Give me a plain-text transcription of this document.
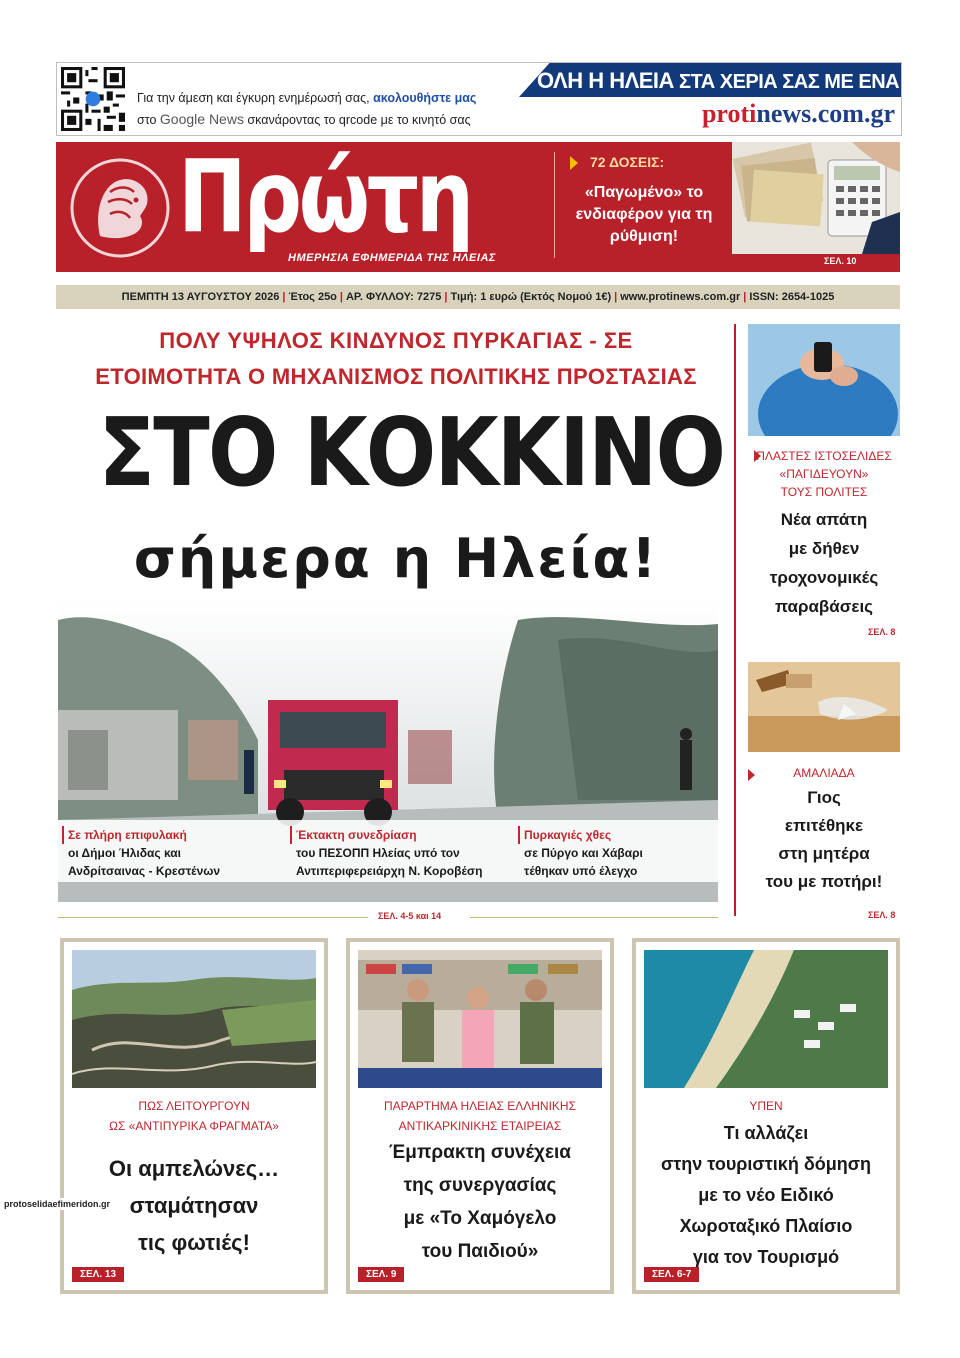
Για την άμεση και έγκυρη ενημέρωσή σας, ακολουθήστε μας
στο Google News σκανάροντας το qrcode με το κινητό σας
ΟΛΗ Η ΗΛΕΙΑ ΣΤΑ ΧΕΡΙΑ ΣΑΣ ΜΕ ΕΝΑ ΚΛΙΚ
protinews.com.gr
Πρώτη
ΗΜΕΡΗΣΙΑ ΕΦΗΜΕΡΙΔΑ ΤΗΣ ΗΛΕΙΑΣ
72 ΔΟΣΕΙΣ:
«Παγωμένο» το ενδιαφέρον για τη ρύθμιση!
ΣΕΛ. 10
ΠΕΜΠΤΗ 13 ΑΥΓΟΥΣΤΟΥ 2026 | Έτος 25ο | ΑΡ. ΦΥΛΛΟΥ: 7275 | Τιμή: 1 ευρώ (Εκτός Νομού 1€) | www.protinews.com.gr | ISSN: 2654-1025
ΠΟΛΥ ΥΨΗΛΟΣ ΚΙΝΔΥΝΟΣ ΠΥΡΚΑΓΙΑΣ - ΣΕ
ΕΤΟΙΜΟΤΗΤΑ Ο ΜΗΧΑΝΙΣΜΟΣ ΠΟΛΙΤΙΚΗΣ ΠΡΟΣΤΑΣΙΑΣ
ΣΤΟ ΚΟΚΚΙΝΟ
σήμερα η Ηλεία!
Σε πλήρη επιφυλακή
οι Δήμοι Ήλιδας και
Ανδρίτσαινας - Κρεστένων
Έκτακτη συνεδρίαση
του ΠΕΣΟΠΠ Ηλείας υπό τον
Αντιπεριφερειάρχη Ν. Κοροβέση
Πυρκαγιές χθες
σε Πύργο και Χάβαρι
τέθηκαν υπό έλεγχο
ΣΕΛ. 4-5 και 14
ΠΛΑΣΤΕΣ ΙΣΤΟΣΕΛΙΔΕΣ
«ΠΑΓΙΔΕΥΟΥΝ»
ΤΟΥΣ ΠΟΛΙΤΕΣ
Νέα απάτη
με δήθεν
τροχονομικές
παραβάσεις
ΣΕΛ. 8
ΑΜΑΛΙΑΔΑ
Γιος
επιτέθηκε
στη μητέρα
του με ποτήρι!
ΣΕΛ. 8
ΠΩΣ ΛΕΙΤΟΥΡΓΟΥΝ
ΩΣ «ΑΝΤΙΠΥΡΙΚΑ ΦΡΑΓΜΑΤΑ»
Οι αμπελώνες…
σταμάτησαν
τις φωτιές!
ΣΕΛ. 13
ΠΑΡΑΡΤΗΜΑ ΗΛΕΙΑΣ ΕΛΛΗΝΙΚΗΣ
ΑΝΤΙΚΑΡΚΙΝΙΚΗΣ ΕΤΑΙΡΕΙΑΣ
Έμπρακτη συνέχεια
της συνεργασίας
με «Το Χαμόγελο
του Παιδιού»
ΣΕΛ. 9
ΥΠΕΝ
Τι αλλάζει
στην τουριστική δόμηση
με το νέο Ειδικό
Χωροταξικό Πλαίσιο
για τον Τουρισμό
ΣΕΛ. 6-7
protoselidaefimeridon.gr
